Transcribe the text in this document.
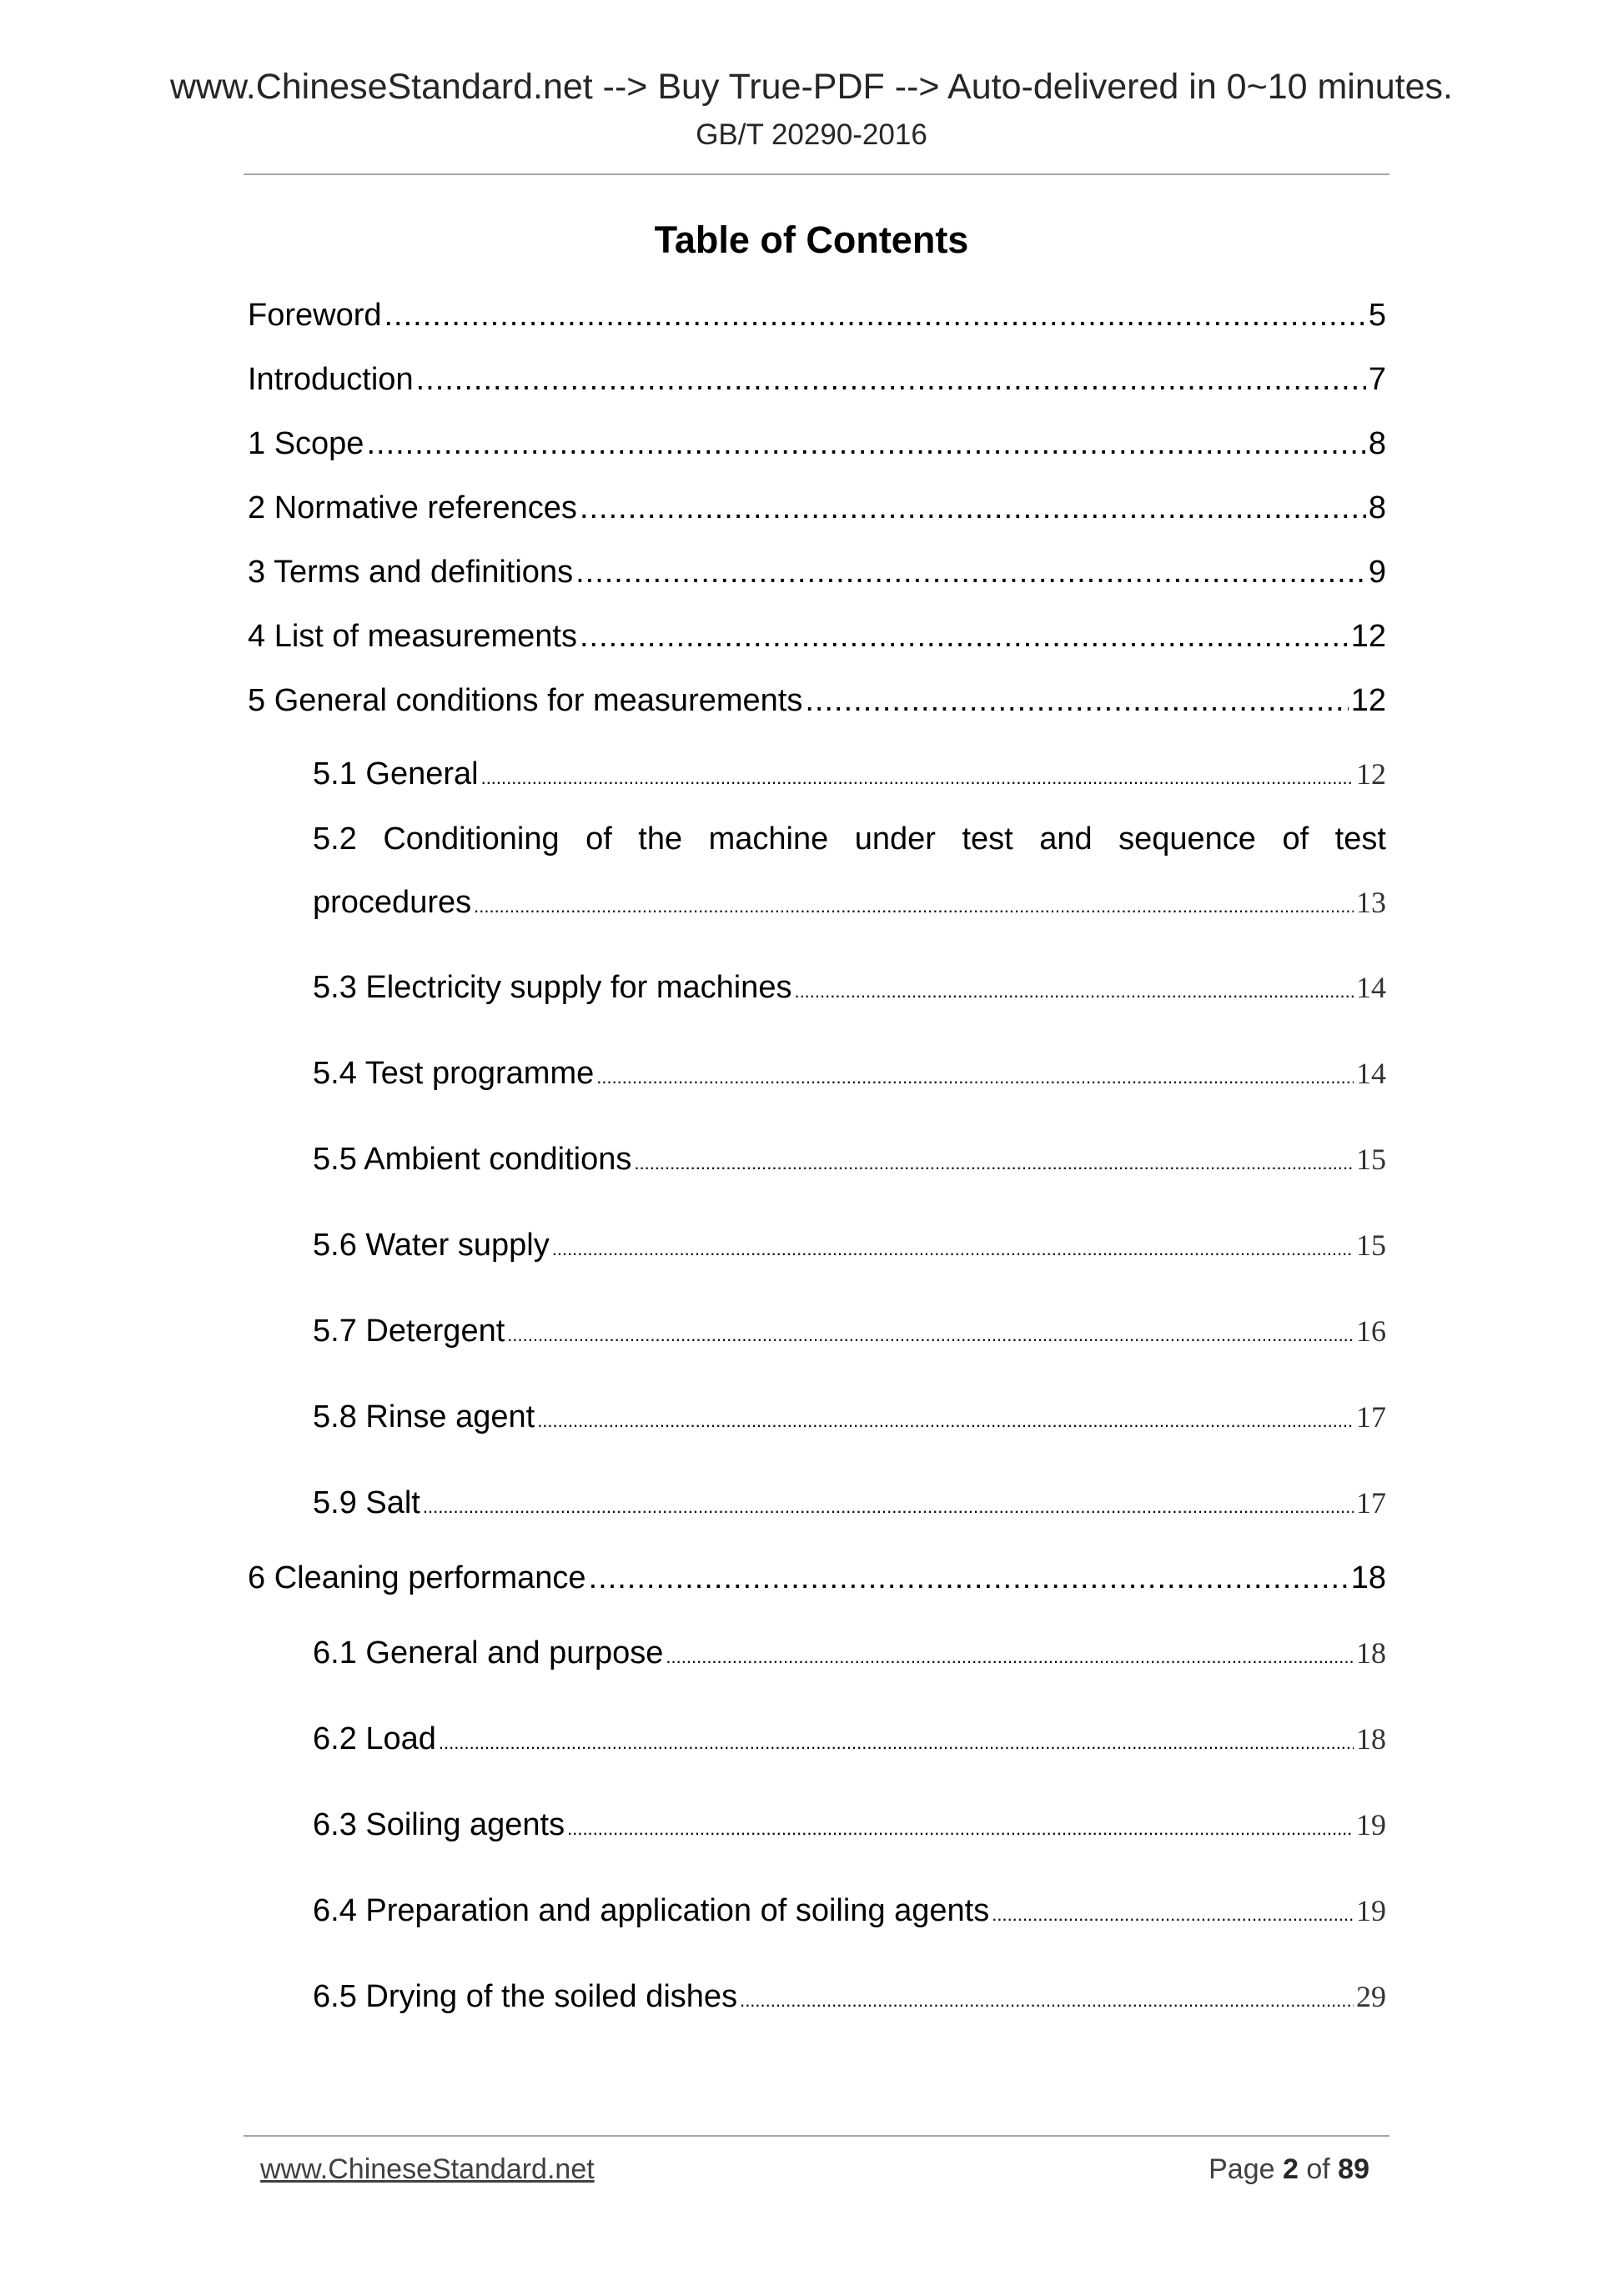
www.ChineseStandard.net --> Buy True-PDF --> Auto-delivered in 0~10 minutes.
GB/T 20290-2016
Table of Contents
Foreword .....	5
Introduction .....	7
1 Scope .....	8
2 Normative references .....	8
3 Terms and definitions .....	9
4 List of measurements .....	12
5 General conditions for measurements .....	12
5.1 General .....	12
5.2 Conditioning of the machine under test and sequence of test
procedures .....	13
5.3 Electricity supply for machines .....	14
5.4 Test programme .....	14
5.5 Ambient conditions .....	15
5.6 Water supply .....	15
5.7 Detergent .....	16
5.8 Rinse agent .....	17
5.9 Salt .....	17
6 Cleaning performance .....	18
6.1 General and purpose .....	18
6.2 Load .....	18
6.3 Soiling agents .....	19
6.4 Preparation and application of soiling agents .....	19
6.5 Drying of the soiled dishes .....	29
www.ChineseStandard.net	Page 2 of 89
